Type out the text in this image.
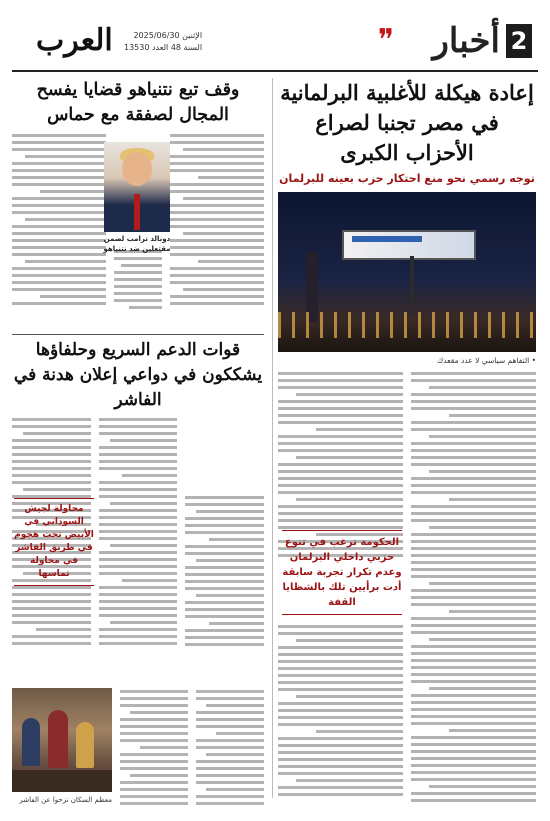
2
أخبار
❞
الإثنين 2025/06/30
السنة 48 العدد 13530
العرب
إعادة هيكلة للأغلبية البرلمانية في مصر تجنبا لصراع الأحزاب الكبرى
توجه رسمي نحو منع احتكار حزب بعينه للبرلمان
• التفاهم سياسي لا عدد مقعدك
الحكومة ترغب في تنوع حزبي داخلي البرلمان وعدم تكرار تجربة سابقة أدت برأيين تلك بالشظايا القفة
وقف تبع نتنياهو قضايا يفسح المجال لصفقة مع حماس
دونالد ترامب لضمن مقتعلين ضد نتنياهو
قوات الدعم السريع وحلفاؤها يشككون في دواعي إعلان هدنة في الفاشر
محاولة لجيش السوداني في الأبيض تحت هجوم في طريق الفاشر في محاولة تماسها
معظم السكان نزحوا عن الفاشر
